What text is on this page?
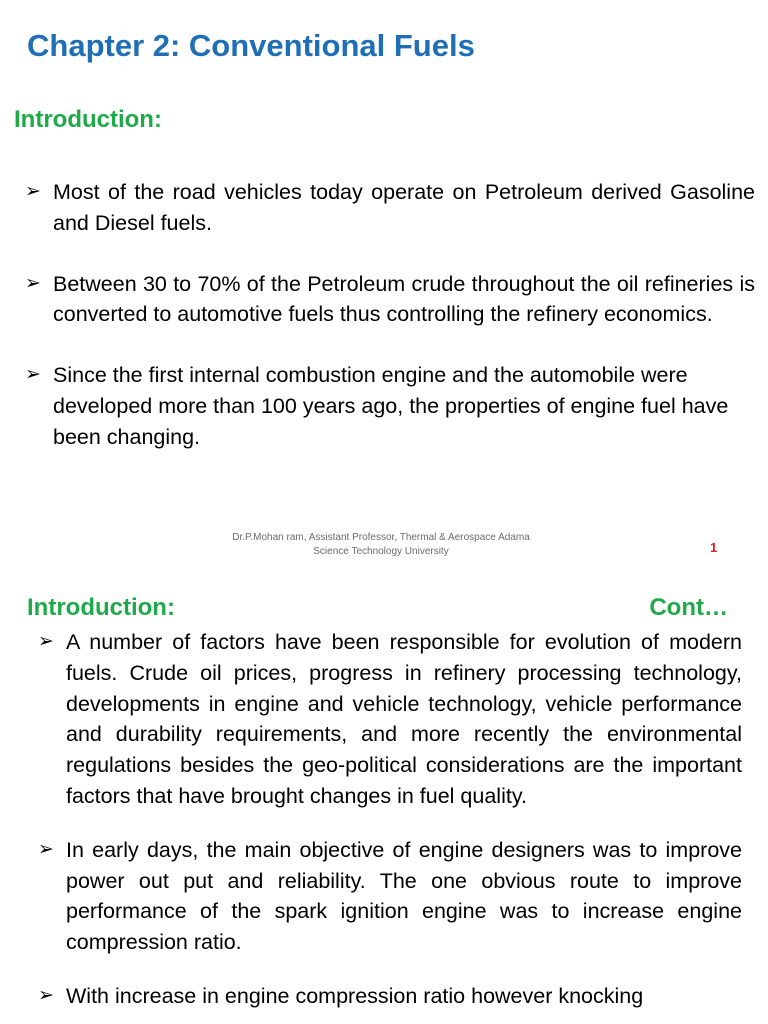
Chapter 2: Conventional Fuels
Introduction:
➢ Most of the road vehicles today operate on Petroleum derived Gasoline and Diesel fuels.
➢ Between 30 to 70% of the Petroleum crude throughout the oil refineries is converted to automotive fuels thus controlling the refinery economics.
➢ Since the first internal combustion engine and the automobile were developed more than 100 years ago, the properties of engine fuel have been changing.
Dr.P.Mohan ram, Assistant Professor, Thermal & Aerospace Adama
Science Technology University	1
Introduction:	Cont…
➢ A number of factors have been responsible for evolution of modern fuels. Crude oil prices, progress in refinery processing technology, developments in engine and vehicle technology, vehicle performance and durability requirements, and more recently the environmental regulations besides the geo-political considerations are the important factors that have brought changes in fuel quality.
➢ In early days, the main objective of engine designers was to improve power out put and reliability. The one obvious route to improve performance of the spark ignition engine was to increase engine compression ratio.
➢ With increase in engine compression ratio however knocking
